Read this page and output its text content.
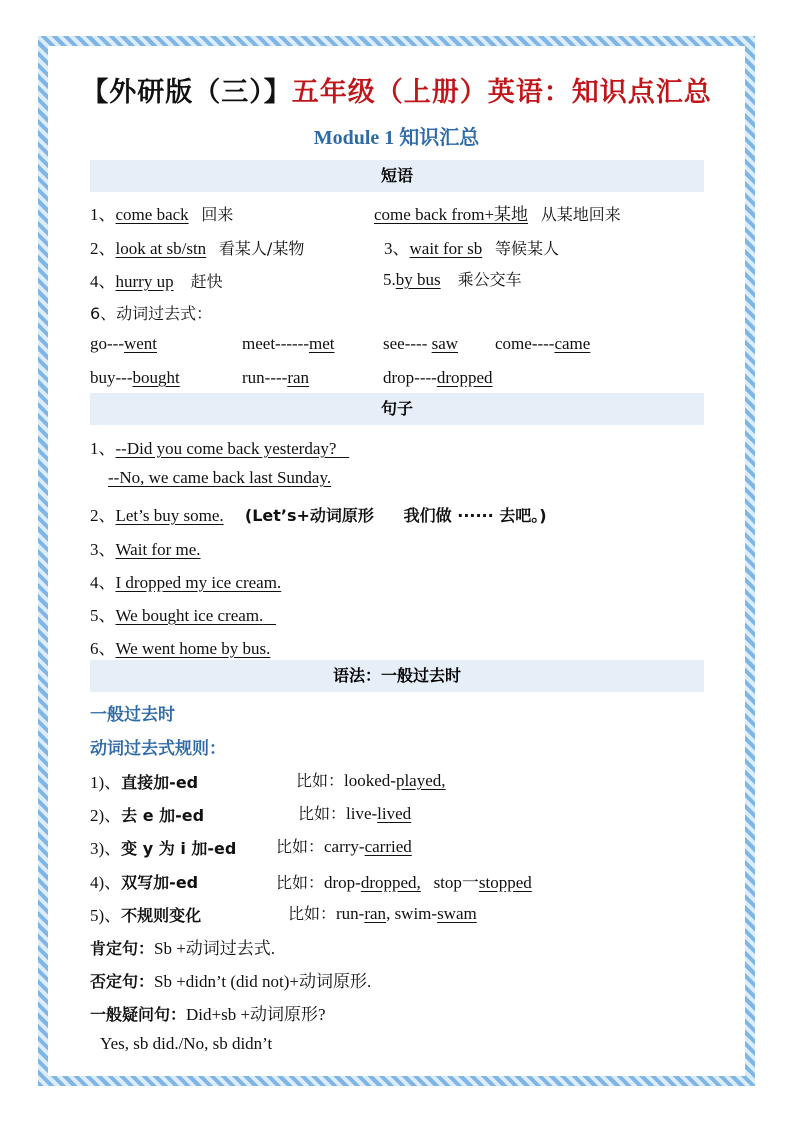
【外研版（三）】五年级（上册）英语：知识点汇总
Module 1 知识汇总
短语
1、come back 回来	come back from+某地 从某地回来
2、look at sb/stn 看某人/某物	3、wait for sb 等候某人
4、hurry up 赶快	5.by bus 乘公交车
6、动词过去式：
go---went	meet------met	see---- saw come----came
buy---bought	run----ran	drop----dropped
句子
1、--Did you come back yesterday?
--No, we came back last Sunday.
2、Let’s buy some. (Let’s+动词原形 我们做 ······ 去吧。)
3、Wait for me.
4、I dropped my ice cream.
5、We bought ice cream.
6、We went home by bus.
语法：一般过去时
一般过去时
动词过去式规则：
1)、直接加-ed	比如：looked-played,
2)、去 e 加-ed	比如：live-lived
3)、变 y 为 i 加-ed 比如：carry-carried
4)、双写加-ed	比如：drop-dropped, stop一stopped
5)、不规则变化	比如：run-ran, swim-swam
肯定句：Sb +动词过去式.
否定句：Sb +didn’t (did not)+动词原形.
一般疑问句：Did+sb +动词原形?
Yes, sb did./No, sb didn’t
